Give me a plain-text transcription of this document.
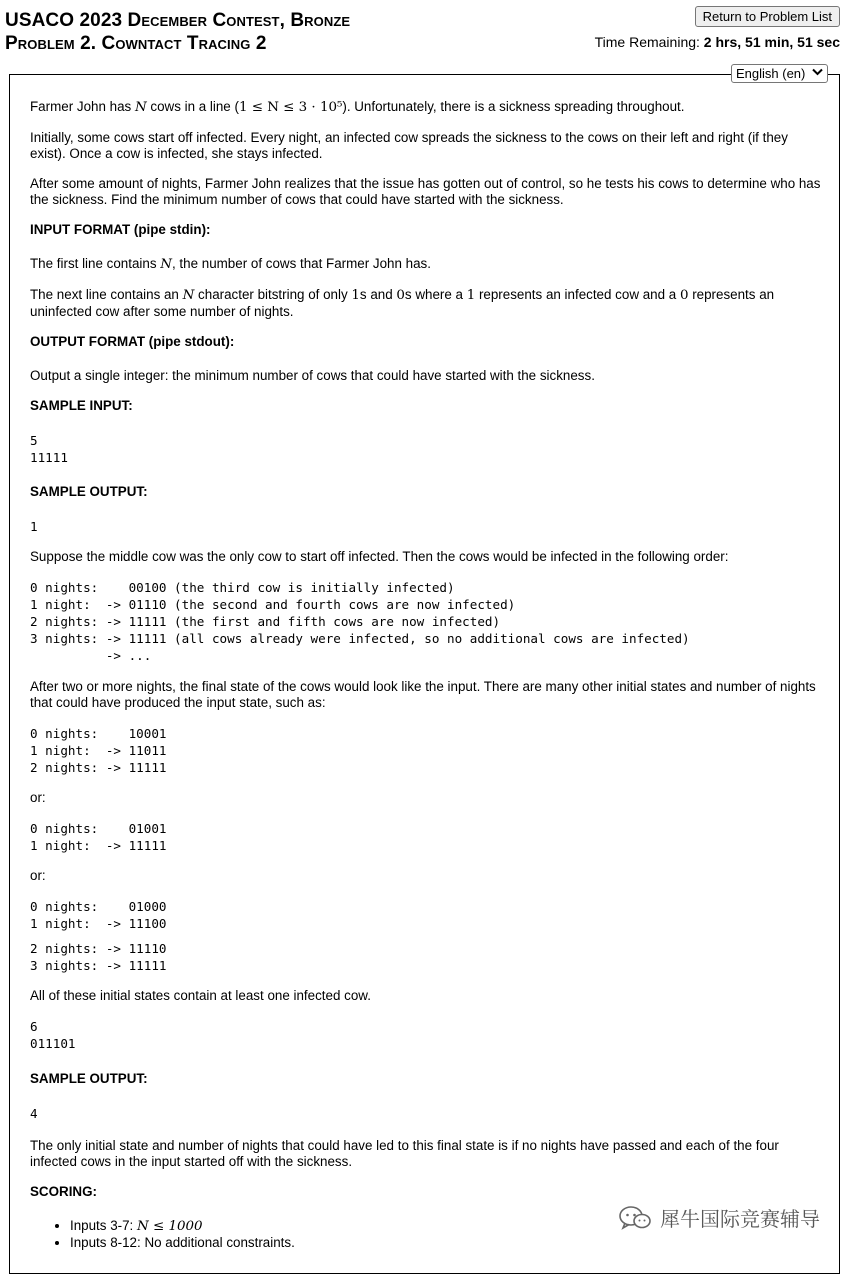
USACO 2023 December Contest, Bronze
Problem 2. Cowntact Tracing 2
Return to Problem List
Time Remaining: 2 hrs, 51 min, 51 sec
English (en)

Farmer John has N cows in a line (1 ≤ N ≤ 3 · 10⁵). Unfortunately, there is a sickness spreading throughout.

Initially, some cows start off infected. Every night, an infected cow spreads the sickness to the cows on their left and right (if they exist). Once a cow is infected, she stays infected.

After some amount of nights, Farmer John realizes that the issue has gotten out of control, so he tests his cows to determine who has the sickness. Find the minimum number of cows that could have started with the sickness.

INPUT FORMAT (pipe stdin):

The first line contains N, the number of cows that Farmer John has.

The next line contains an N character bitstring of only 1s and 0s where a 1 represents an infected cow and a 0 represents an uninfected cow after some number of nights.

OUTPUT FORMAT (pipe stdout):

Output a single integer: the minimum number of cows that could have started with the sickness.

SAMPLE INPUT:
5
11111
SAMPLE OUTPUT:
1

Suppose the middle cow was the only cow to start off infected. Then the cows would be infected in the following order:

0 nights:    00100 (the third cow is initially infected)
1 night:  -> 01110 (the second and fourth cows are now infected)
2 nights: -> 11111 (the first and fifth cows are now infected)
3 nights: -> 11111 (all cows already were infected, so no additional cows are infected)
-> ...

After two or more nights, the final state of the cows would look like the input. There are many other initial states and number of nights that could have produced the input state, such as:

0 nights:    10001
1 night:  -> 11011
2 nights: -> 11111

or:

0 nights:    01001
1 night:  -> 11111

or:

0 nights:    01000
1 night:  -> 11100
2 nights: -> 11110
3 nights: -> 11111

All of these initial states contain at least one infected cow.

6
011101
SAMPLE OUTPUT:
4

The only initial state and number of nights that could have led to this final state is if no nights have passed and each of the four infected cows in the input started off with the sickness.

SCORING:
• Inputs 3-7: N ≤ 1000
• Inputs 8-12: No additional constraints.
犀牛国际竞赛辅导
